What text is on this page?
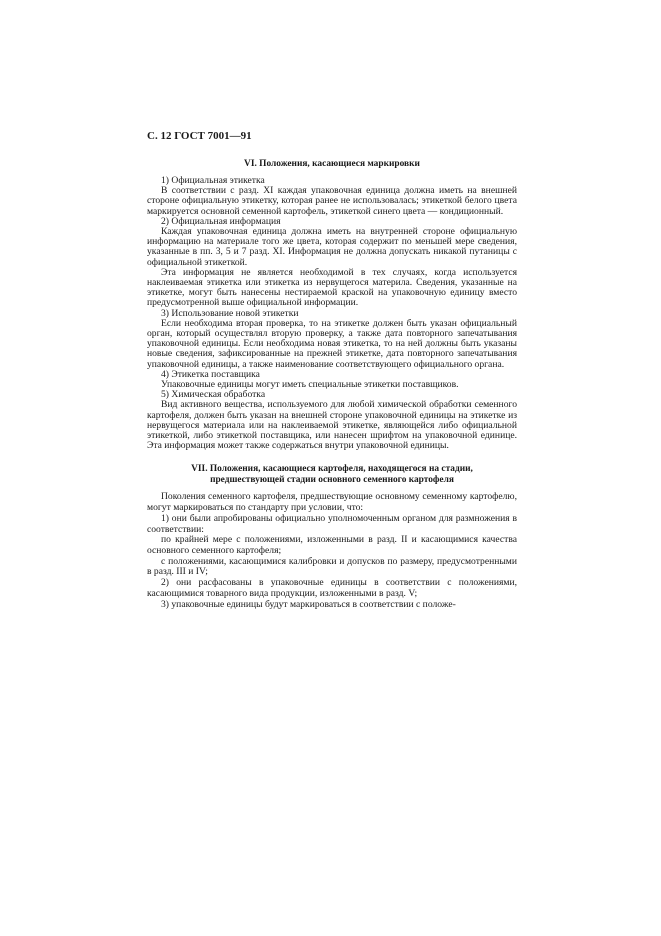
С. 12 ГОСТ 7001—91
VI. Положения, касающиеся маркировки

1) Официальная этикетка

В соответствии с разд. XI каждая упаковочная единица должна иметь на внешней стороне официальную этикетку, которая ранее не использовалась; этикеткой белого цвета маркируется основной семенной картофель, этикеткой синего цвета — кондиционный.

2) Официальная информация

Каждая упаковочная единица должна иметь на внутренней стороне официальную информацию на материале того же цвета, которая содержит по меньшей мере сведения, указанные в пп. 3, 5 и 7 разд. XI. Информация не должна допускать никакой путаницы с официальной этикеткой.

Эта информация не является необходимой в тех случаях, когда используется наклеиваемая этикетка или этикетка из нервущегося материла. Сведения, указанные на этикетке, могут быть нанесены нестираемой краской на упаковочную единицу вместо предусмотренной выше официальной информации.

3) Использование новой этикетки

Если необходима вторая проверка, то на этикетке должен быть указан официальный орган, который осуществлял вторую проверку, а также дата повторного запечатывания упаковочной единицы. Если необходима новая этикетка, то на ней должны быть указаны новые сведения, зафиксированные на прежней этикетке, дата повторного запечатывания упаковочной единицы, а также наименование соответствующего официального органа.

4) Этикетка поставщика

Упаковочные единицы могут иметь специальные этикетки поставщиков.

5) Химическая обработка

Вид активного вещества, используемого для любой химической обработки семенного картофеля, должен быть указан на внешней стороне упаковочной единицы на этикетке из нервущегося материала или на наклеиваемой этикетке, являющейся либо официальной этикеткой, либо этикеткой поставщика, или нанесен шрифтом на упаковочной единице. Эта информация может также содержаться внутри упаковочной единицы.

VII. Положения, касающиеся картофеля, находящегося на стадии,
предшествующей стадии основного семенного картофеля

Поколения семенного картофеля, предшествующие основному семенному картофелю, могут маркироваться по стандарту при условии, что:

1) они были апробированы официально уполномоченным органом для размножения в соответствии:

по крайней мере с положениями, изложенными в разд. II и касающимися качества основного семенного картофеля;

с положениями, касающимися калибровки и допусков по размеру, предусмотренными в разд. III и IV;

2) они расфасованы в упаковочные единицы в соответствии с положениями, касающимися товарного вида продукции, изложенными в разд. V;

3) упаковочные единицы будут маркироваться в соответствии с положе-
